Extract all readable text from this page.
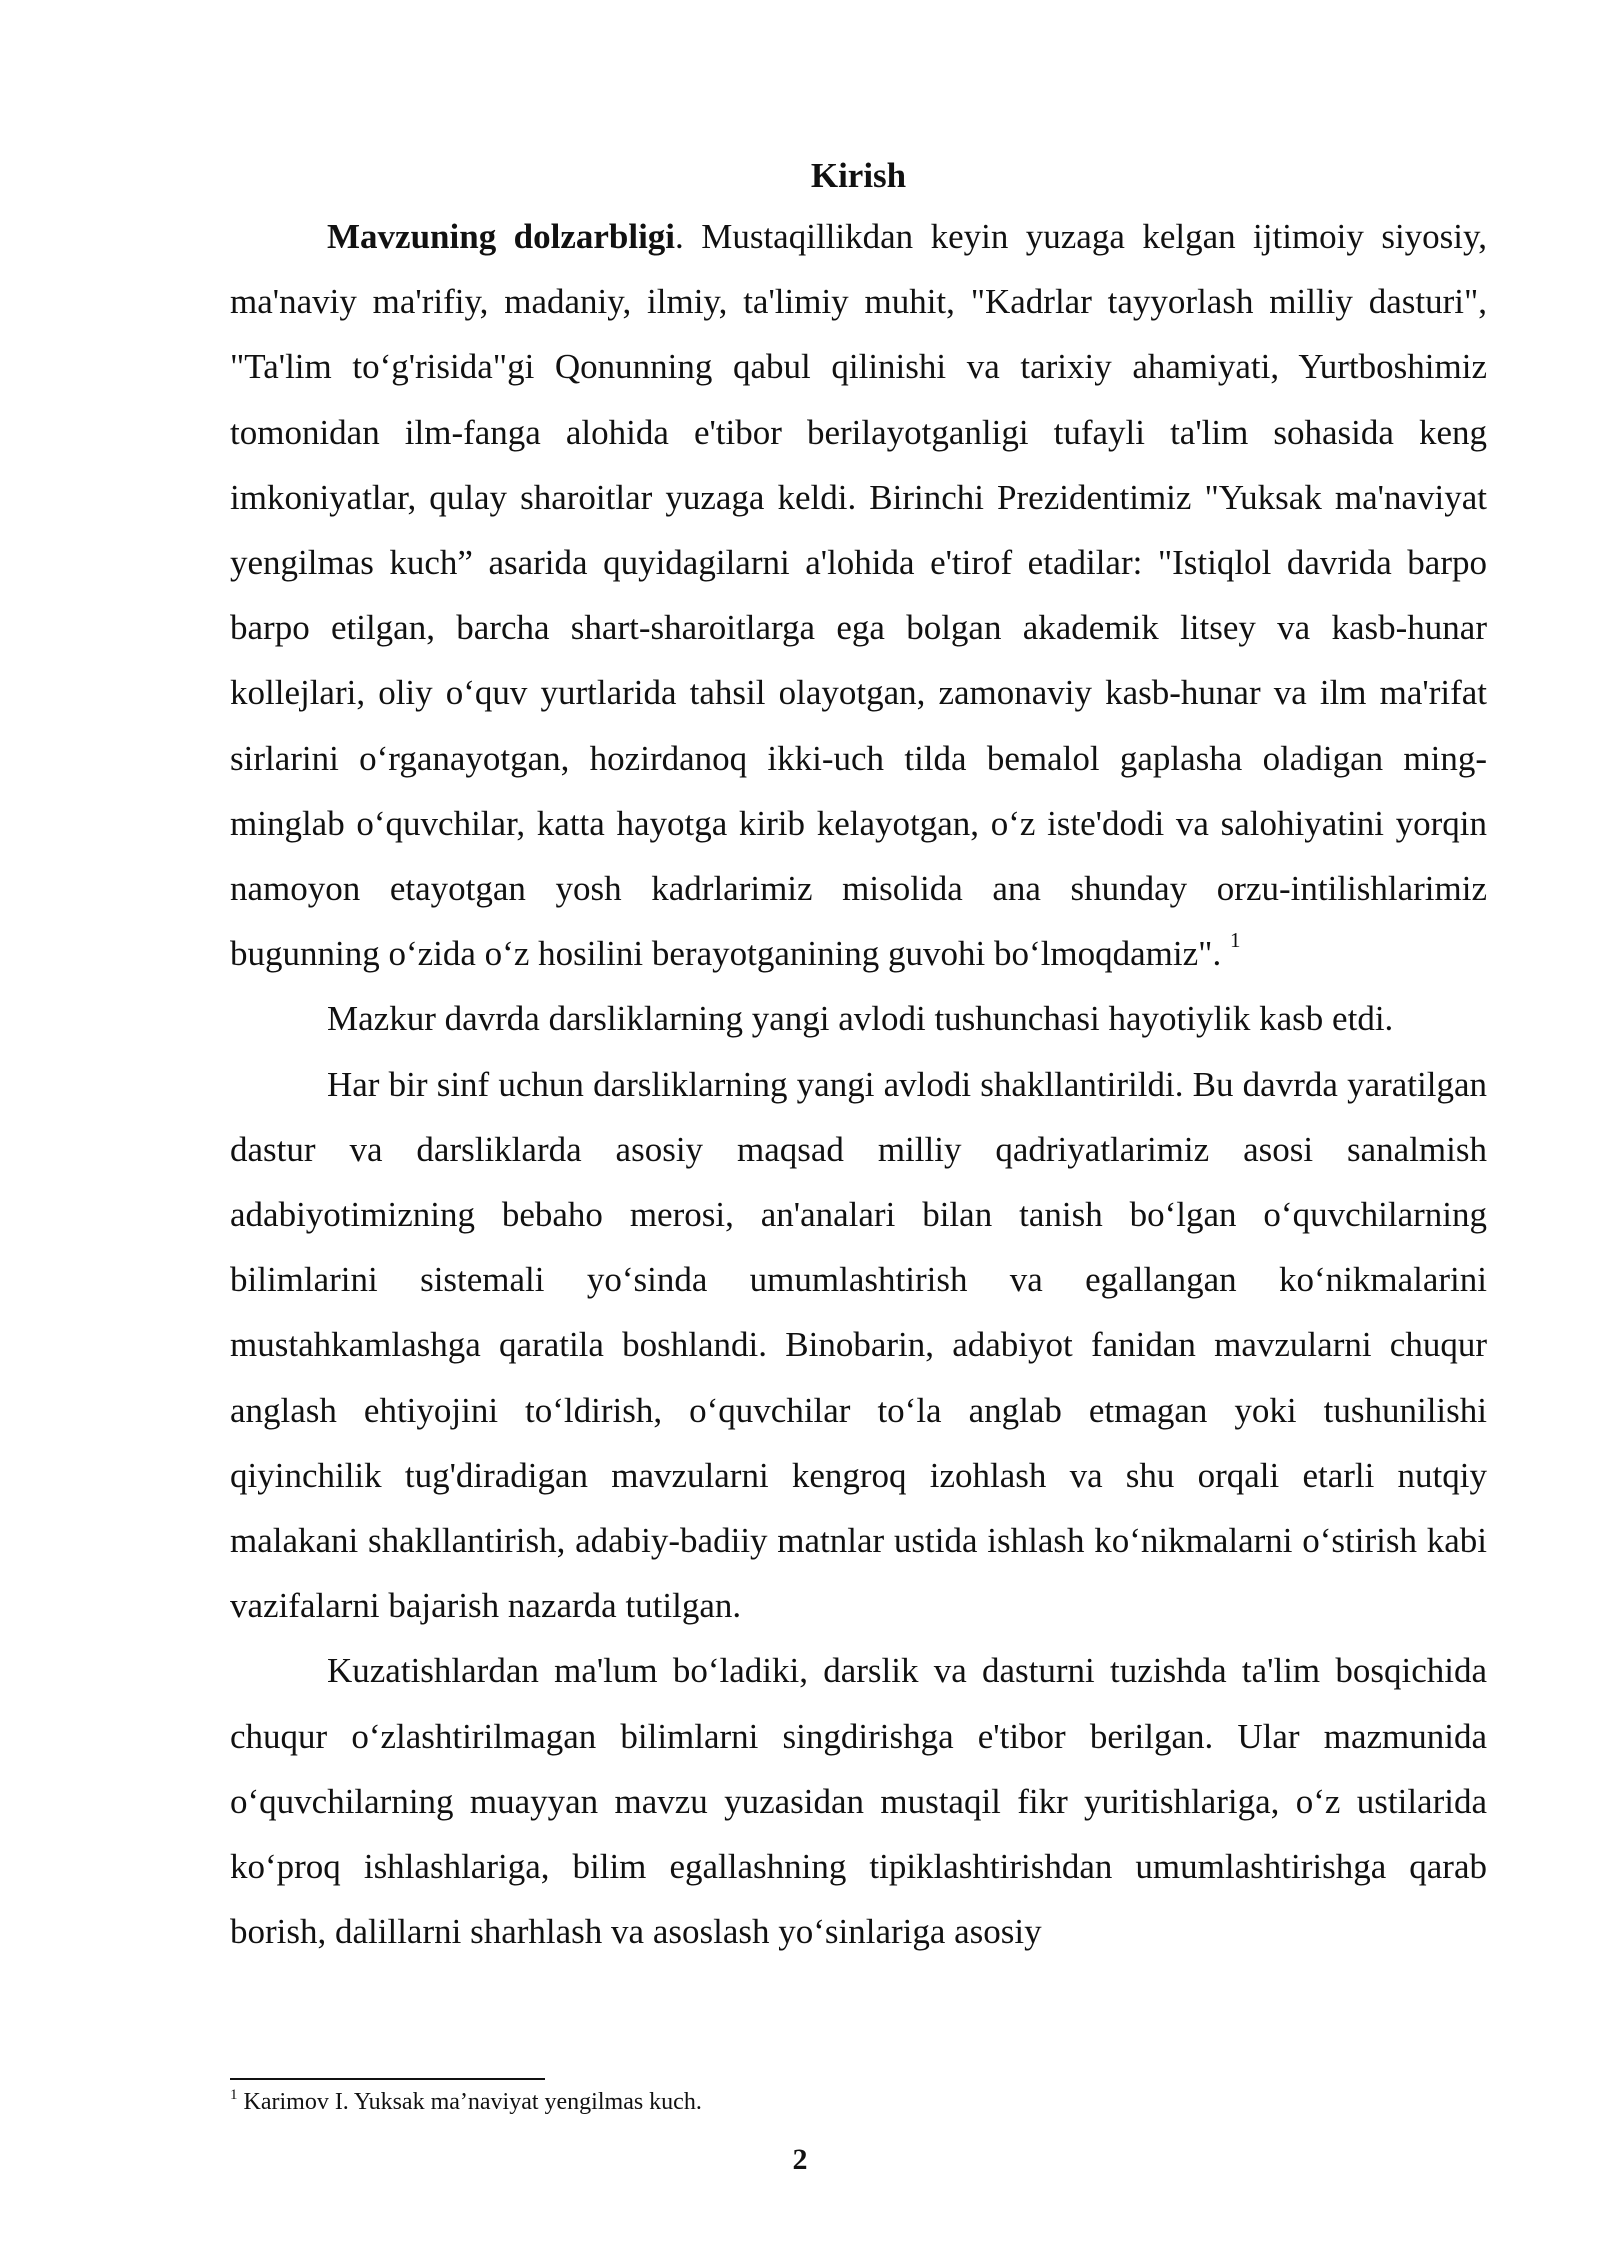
Kirish

Mavzuning dolzarbligi. Mustaqillikdan keyin yuzaga kelgan ijtimoiy siyosiy, ma'naviy ma'rifiy, madaniy, ilmiy, ta'limiy muhit, "Kadrlar tayyorlash milliy dasturi", "Ta'lim to‘g'risida"gi Qonunning qabul qilinishi va tarixiy ahamiyati, Yurtboshimiz tomonidan ilm-fanga alohida e'tibor berilayotganligi tufayli ta'lim sohasida keng imkoniyatlar, qulay sharoitlar yuzaga keldi. Birinchi Prezidentimiz "Yuksak ma'naviyat yengilmas kuch” asarida quyidagilarni a'lohida e'tirof etadilar: "Istiqlol davrida barpo barpo etilgan, barcha shart-sharoitlarga ega bolgan akademik litsey va kasb-hunar kollejlari, oliy o‘quv yurtlarida tahsil olayotgan, zamonaviy kasb-hunar va ilm ma'rifat sirlarini o‘rganayotgan, hozirdanoq ikki-uch tilda bemalol gaplasha oladigan ming-minglab o‘quvchilar, katta hayotga kirib kelayotgan, o‘z iste'dodi va salohiyatini yorqin namoyon etayotgan yosh kadrlarimiz misolida ana shunday orzu-intilishlarimiz bugunning o‘zida o‘z hosilini berayotganining guvohi bo‘lmoqdamiz". $^1$

Mazkur davrda darsliklarning yangi avlodi tushunchasi hayotiylik kasb etdi.

Har bir sinf uchun darsliklarning yangi avlodi shakllantirildi. Bu davrda yaratilgan dastur va darsliklarda asosiy maqsad milliy qadriyatlarimiz asosi sanalmish adabiyotimizning bebaho merosi, an'analari bilan tanish bo‘lgan o‘quvchilarning bilimlarini sistemali yo‘sinda umumlashtirish va egallangan ko‘nikmalarini mustahkamlashga qaratila boshlandi. Binobarin, adabiyot fanidan mavzularni chuqur anglash ehtiyojini to‘ldirish, o‘quvchilar to‘la anglab etmagan yoki tushunilishi qiyinchilik tug'diradigan mavzularni kengroq izohlash va shu orqali etarli nutqiy malakani shakllantirish, adabiy-badiiy matnlar ustida ishlash ko‘nikmalarni o‘stirish kabi vazifalarni bajarish nazarda tutilgan.

Kuzatishlardan ma'lum bo‘ladiki, darslik va dasturni tuzishda ta'lim bosqichida chuqur o‘zlashtirilmagan bilimlarni singdirishga e'tibor berilgan. Ular mazmunida o‘quvchilarning muayyan mavzu yuzasidan mustaqil fikr yuritishlariga, o‘z ustilarida ko‘proq ishlashlariga, bilim egallashning tipiklashtirishdan umumlashtirishga qarab borish, dalillarni sharhlash va asoslash yo‘sinlariga asosiy

$^1$ Karimov I. Yuksak ma’naviyat yengilmas kuch.
2
